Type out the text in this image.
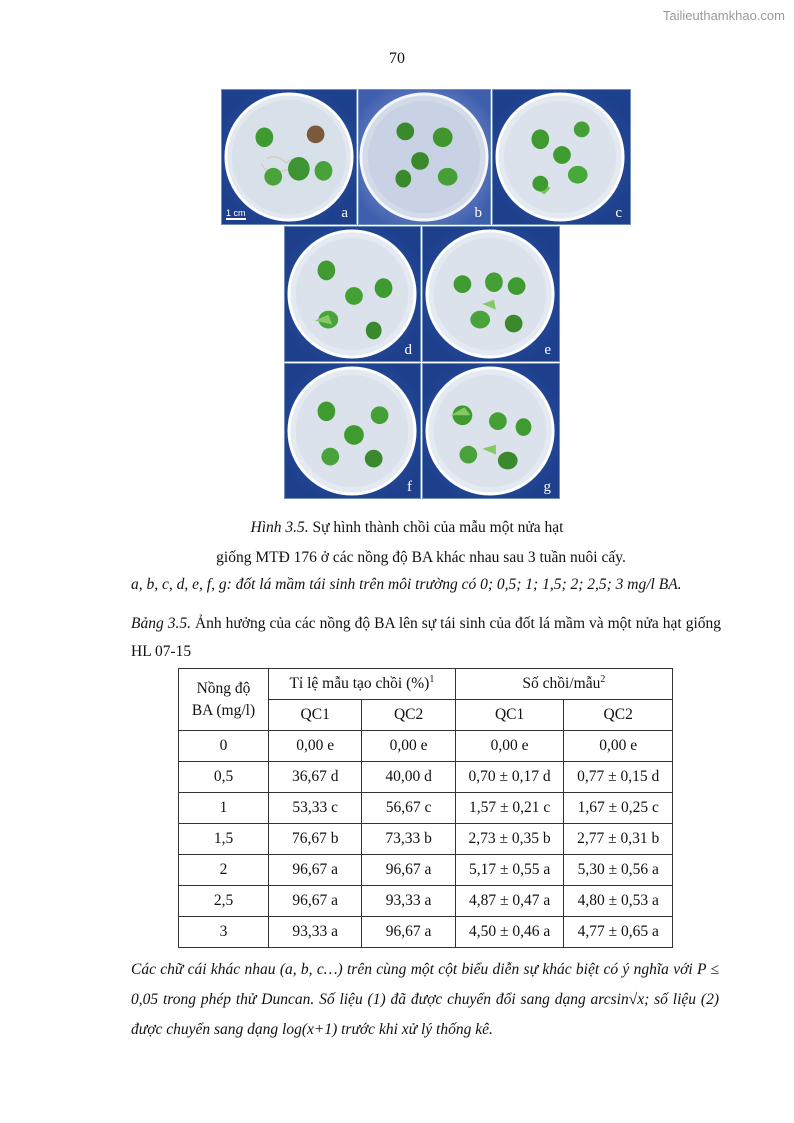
Tailieuthamkhao.com
70
1 cm	a	b	c
d	e
f	g
Hình 3.5. Sự hình thành chồi của mẫu một nửa hạt
giống MTĐ 176 ở các nồng độ BA khác nhau sau 3 tuần nuôi cấy.
a, b, c, d, e, f, g: đốt lá mầm tái sinh trên môi trường có 0; 0,5; 1; 1,5; 2; 2,5; 3 mg/l BA.
Bảng 3.5. Ảnh hưởng của các nồng độ BA lên sự tái sinh của đốt lá mầm và một nửa hạt giống HL 07-15
Nồng độ
BA (mg/l)	Tỉ lệ mẫu tạo chồi (%)$^1$		Số chồi/mẫu$^2$
	QC1	QC2	QC1	QC2
0	0,00 e	0,00 e	0,00 e	0,00 e
0,5	36,67 d	40,00 d	0,70 ± 0,17 d	0,77 ± 0,15 d
1	53,33 c	56,67 c	1,57 ± 0,21 c	1,67 ± 0,25 c
1,5	76,67 b	73,33 b	2,73 ± 0,35 b	2,77 ± 0,31 b
2	96,67 a	96,67 a	5,17 ± 0,55 a	5,30 ± 0,56 a
2,5	96,67 a	93,33 a	4,87 ± 0,47 a	4,80 ± 0,53 a
3	93,33 a	96,67 a	4,50 ± 0,46 a	4,77 ± 0,65 a
Các chữ cái khác nhau (a, b, c…) trên cùng một cột biểu diễn sự khác biệt có ý nghĩa với P ≤ 0,05 trong phép thử Duncan. Số liệu (1) đã được chuyển đổi sang dạng arcsin√x; số liệu (2) được chuyển sang dạng log(x+1) trước khi xử lý thống kê.
